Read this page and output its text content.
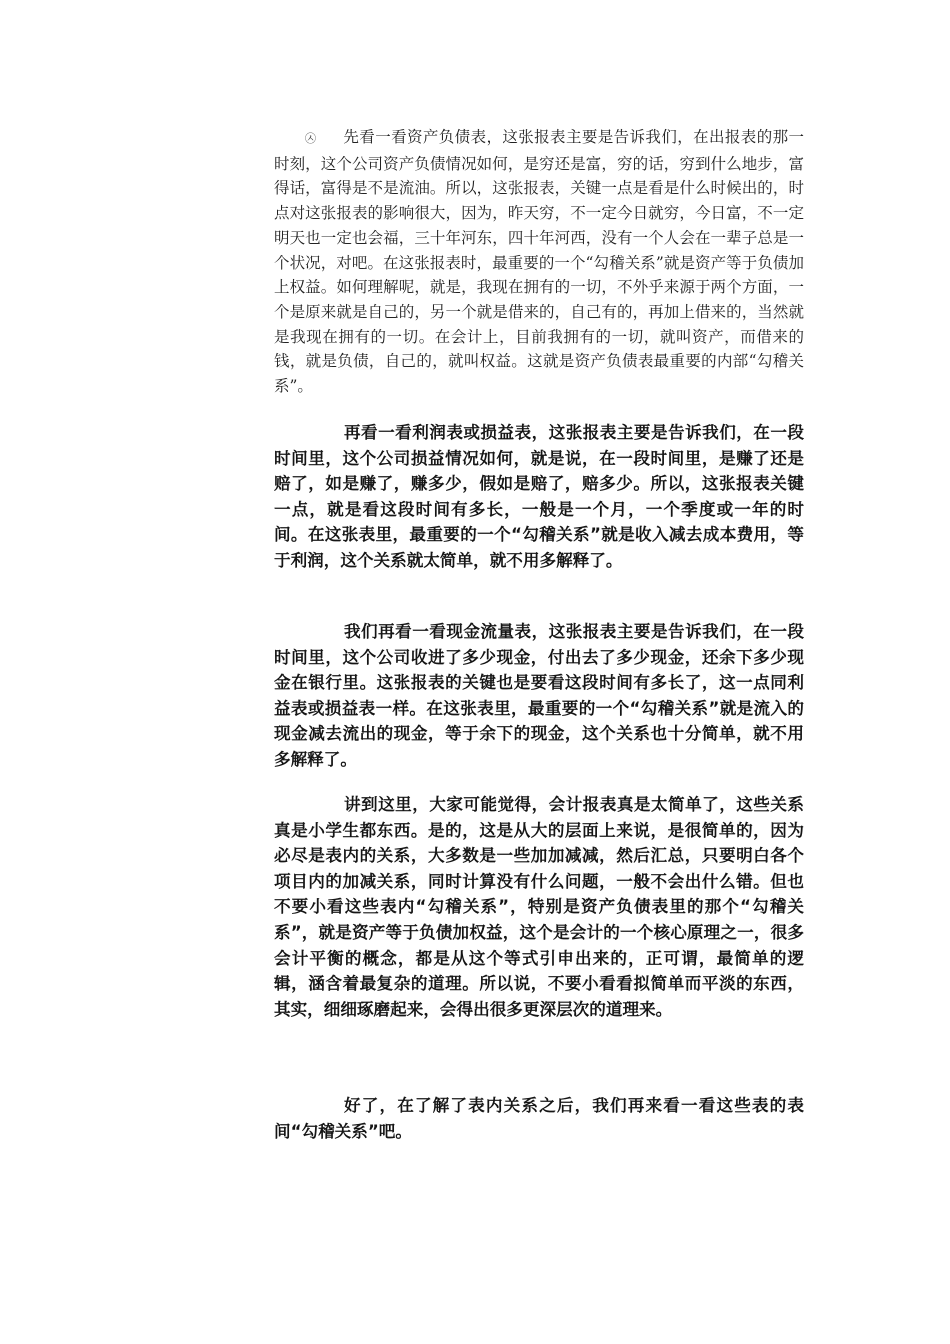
㉦ 先看一看资产负债表，这张报表主要是告诉我们，在出报表的那一时刻，这个公司资产负债情况如何，是穷还是富，穷的话，穷到什么地步，富得话，富得是不是流油。所以，这张报表，关键一点是看是什么时候出的，时点对这张报表的影响很大，因为，昨天穷，不一定今日就穷，今日富，不一定明天也一定也会福，三十年河东，四十年河西，没有一个人会在一辈子总是一个状况，对吧。在这张报表时，最重要的一个“勾稽关系”就是资产等于负债加上权益。如何理解呢，就是，我现在拥有的一切，不外乎来源于两个方面，一个是原来就是自己的，另一个就是借来的，自己有的，再加上借来的，当然就是我现在拥有的一切。在会计上，目前我拥有的一切，就叫资产，而借来的钱，就是负债，自己的，就叫权益。这就是资产负债表最重要的内部“勾稽关系”。

再看一看利润表或损益表，这张报表主要是告诉我们，在一段时间里，这个公司损益情况如何，就是说，在一段时间里，是赚了还是赔了，如是赚了，赚多少，假如是赔了，赔多少。所以，这张报表关键一点，就是看这段时间有多长，一般是一个月，一个季度或一年的时间。在这张表里，最重要的一个“勾稽关系”就是收入减去成本费用，等于利润，这个关系就太简单，就不用多解释了。

我们再看一看现金流量表，这张报表主要是告诉我们，在一段时间里，这个公司收进了多少现金，付出去了多少现金，还余下多少现金在银行里。这张报表的关键也是要看这段时间有多长了，这一点同利益表或损益表一样。在这张表里，最重要的一个“勾稽关系”就是流入的现金减去流出的现金，等于余下的现金，这个关系也十分简单，就不用多解释了。

讲到这里，大家可能觉得，会计报表真是太简单了，这些关系真是小学生都东西。是的，这是从大的层面上来说，是很简单的，因为必尽是表内的关系，大多数是一些加加减减，然后汇总，只要明白各个项目内的加减关系，同时计算没有什么问题，一般不会出什么错。但也不要小看这些表内“勾稽关系”，特别是资产负债表里的那个“勾稽关系”，就是资产等于负债加权益，这个是会计的一个核心原理之一，很多会计平衡的概念，都是从这个等式引申出来的，正可谓，最简单的逻辑，涵含着最复杂的道理。所以说，不要小看看拟简单而平淡的东西，其实，细细琢磨起来，会得出很多更深层次的道理来。

好了，在了解了表内关系之后，我们再来看一看这些表的表间“勾稽关系”吧。
